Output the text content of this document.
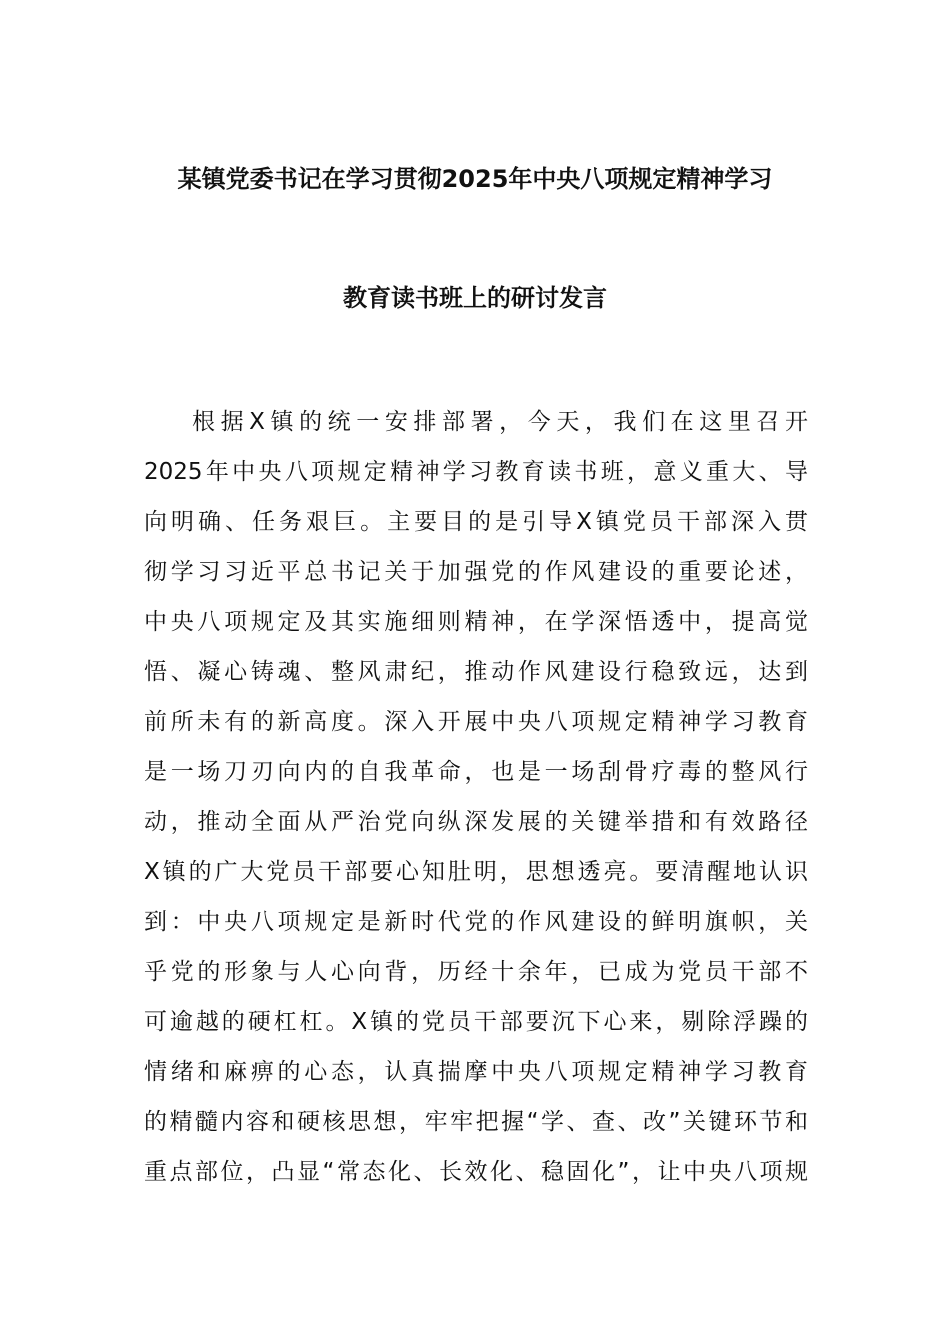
某镇党委书记在学习贯彻2025年中央八项规定精神学习
教育读书班上的研讨发言
根据X镇的统一安排部署，今天，我们在这里召开
2025年中央八项规定精神学习教育读书班，意义重大、导
向明确、任务艰巨。主要目的是引导X镇党员干部深入贯
彻学习习近平总书记关于加强党的作风建设的重要论述，
中央八项规定及其实施细则精神，在学深悟透中，提高觉
悟、凝心铸魂、整风肃纪，推动作风建设行稳致远，达到
前所未有的新高度。深入开展中央八项规定精神学习教育
是一场刀刃向内的自我革命，也是一场刮骨疗毒的整风行
动，推动全面从严治党向纵深发展的关键举措和有效路径
X镇的广大党员干部要心知肚明，思想透亮。要清醒地认识
到：中央八项规定是新时代党的作风建设的鲜明旗帜，关
乎党的形象与人心向背，历经十余年，已成为党员干部不
可逾越的硬杠杠。X镇的党员干部要沉下心来，剔除浮躁的
情绪和麻痹的心态，认真揣摩中央八项规定精神学习教育
的精髓内容和硬核思想，牢牢把握“学、查、改”关键环节和
重点部位，凸显“常态化、长效化、稳固化”，让中央八项规
